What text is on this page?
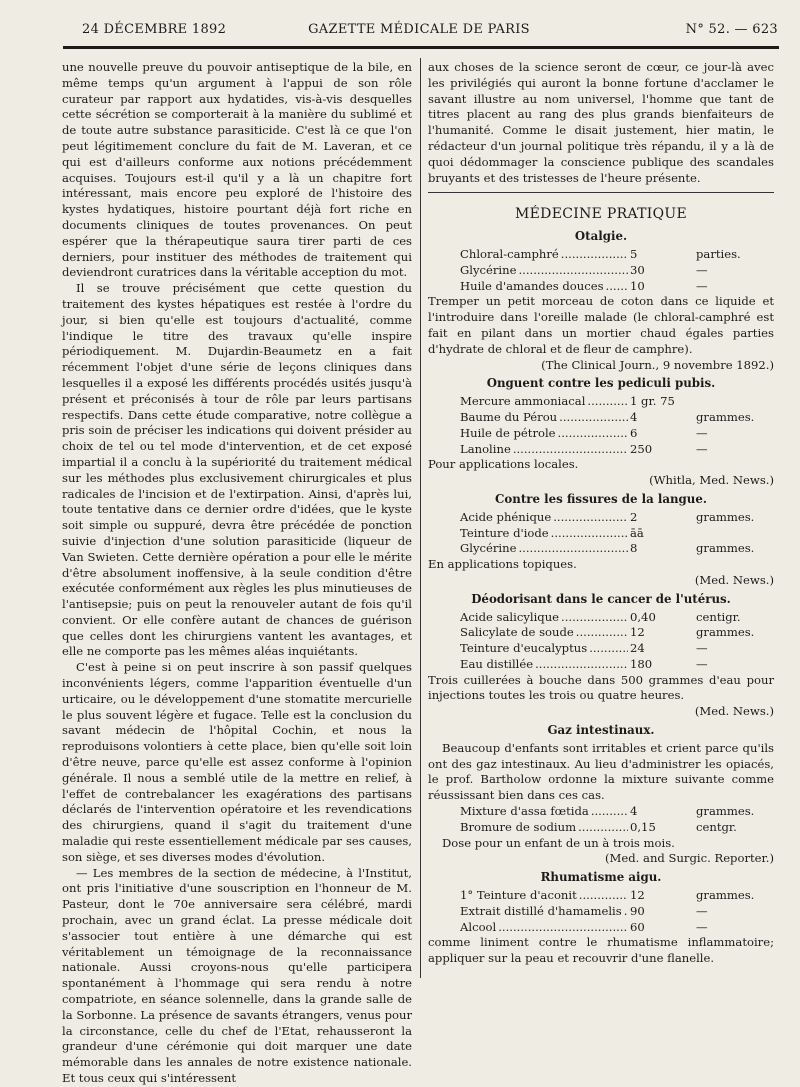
24 DÉCEMBRE 1892	GAZETTE MÉDICALE DE PARIS	N° 52. — 623

une nouvelle preuve du pouvoir antiseptique de la bile, en même temps qu'un argument à l'appui de son rôle curateur par rapport aux hydatides, vis-à-vis desquelles cette sécrétion se comporterait à la manière du sublimé et de toute autre substance parasiticide. C'est là ce que l'on peut légitimement conclure du fait de M. Laveran, et ce qui est d'ailleurs conforme aux notions précédemment acquises. Toujours est-il qu'il y a là un chapitre fort intéressant, mais encore peu exploré de l'histoire des kystes hydatiques, histoire pourtant déjà fort riche en documents cliniques de toutes provenances. On peut espérer que la thérapeutique saura tirer parti de ces derniers, pour instituer des méthodes de traitement qui deviendront curatrices dans la véritable acception du mot.

Il se trouve précisément que cette question du traitement des kystes hépatiques est restée à l'ordre du jour, si bien qu'elle est toujours d'actualité, comme l'indique le titre des travaux qu'elle inspire périodiquement. M. Dujardin-Beaumetz en a fait récemment l'objet d'une série de leçons cliniques dans lesquelles il a exposé les différents procédés usités jusqu'à présent et préconisés à tour de rôle par leurs partisans respectifs. Dans cette étude comparative, notre collègue a pris soin de préciser les indications qui doivent présider au choix de tel ou tel mode d'intervention, et de cet exposé impartial il a conclu à la supériorité du traitement médical sur les méthodes plus exclusivement chirurgicales et plus radicales de l'incision et de l'extirpation. Ainsi, d'après lui, toute tentative dans ce dernier ordre d'idées, que le kyste soit simple ou suppuré, devra être précédée de ponction suivie d'injection d'une solution parasiticide (liqueur de Van Swieten. Cette dernière opération a pour elle le mérite d'être absolument inoffensive, à la seule condition d'être exécutée conformément aux règles les plus minutieuses de l'antisepsie; puis on peut la renouveler autant de fois qu'il convient. Or elle confère autant de chances de guérison que celles dont les chirurgiens vantent les avantages, et elle ne comporte pas les mêmes aléas inquiétants.

C'est à peine si on peut inscrire à son passif quelques inconvénients légers, comme l'apparition éventuelle d'un urticaire, ou le développement d'une stomatite mercurielle le plus souvent légère et fugace. Telle est la conclusion du savant médecin de l'hôpital Cochin, et nous la reproduisons volontiers à cette place, bien qu'elle soit loin d'être neuve, parce qu'elle est assez conforme à l'opinion générale. Il nous a semblé utile de la mettre en relief, à l'effet de contrebalancer les exagérations des partisans déclarés de l'intervention opératoire et les revendications des chirurgiens, quand il s'agit du traitement d'une maladie qui reste essentiellement médicale par ses causes, son siège, et ses diverses modes d'évolution.

— Les membres de la section de médecine, à l'Institut, ont pris l'initiative d'une souscription en l'honneur de M. Pasteur, dont le 70e anniversaire sera célébré, mardi prochain, avec un grand éclat. La presse médicale doit s'associer tout entière à une démarche qui est véritablement un témoignage de la reconnaissance nationale. Aussi croyons-nous qu'elle participera spontanément à l'hommage qui sera rendu à notre compatriote, en séance solennelle, dans la grande salle de la Sorbonne. La présence de savants étrangers, venus pour la circonstance, celle du chef de l'Etat, rehausseront la grandeur d'une cérémonie qui doit marquer une date mémorable dans les annales de notre existence nationale. Et tous ceux qui s'intéressent

aux choses de la science seront de cœur, ce jour-là avec les privilégiés qui auront la bonne fortune d'acclamer le savant illustre au nom universel, l'homme que tant de titres placent au rang des plus grands bienfaiteurs de l'humanité. Comme le disait justement, hier matin, le rédacteur d'un journal politique très répandu, il y a là de quoi dédommager la conscience publique des scandales bruyants et des tristesses de l'heure présente.

MÉDECINE PRATIQUE
Otalgie.
Chloral-camphré .....	5	parties.
Glycérine .....	30	—
Huile d'amandes douces ..... 10	—

Tremper un petit morceau de coton dans ce liquide et l'introduire dans l'oreille malade (le chloral-camphré est fait en pilant dans un mortier chaud égales parties d'hydrate de chloral et de fleur de camphre).

(The Clinical Journ., 9 novembre 1892.)
Onguent contre les pediculi pubis.
Mercure ammoniacal .....	1 gr. 75
Baume du Pérou .....	4	grammes.
Huile de pétrole .....	6	—
Lanoline .....	250	—

Pour applications locales.

(Whitla, Med. News.)
Contre les fissures de la langue.
Acide phénique .....	2	grammes.
Teinture d'iode .....	āā
Glycérine .....	8	grammes.

En applications topiques.

(Med. News.)
Déodorisant dans le cancer de l'utérus.
Acide salicylique .....	0,40	centigr.
Salicylate de soude .....	12	grammes.
Teinture d'eucalyptus .....	24	—
Eau distillée .....	180	—

Trois cuillerées à bouche dans 500 grammes d'eau pour injections toutes les trois ou quatre heures.

(Med. News.)
Gaz intestinaux.

Beaucoup d'enfants sont irritables et crient parce qu'ils ont des gaz intestinaux. Au lieu d'administrer les opiacés, le prof. Bartholow ordonne la mixture suivante comme réussissant bien dans ces cas.

Mixture d'assa fœtida .....	4	grammes.
Bromure de sodium .....	0,15	centgr.

Dose pour un enfant de un à trois mois.

(Med. and Surgic. Reporter.)
Rhumatisme aigu.
1° Teinture d'aconit .....	12	grammes.
Extrait distillé d'hamamelis ..... 90	—
Alcool .....	60	—

comme liniment contre le rhumatisme inflammatoire; appliquer sur la peau et recouvrir d'une flanelle.
